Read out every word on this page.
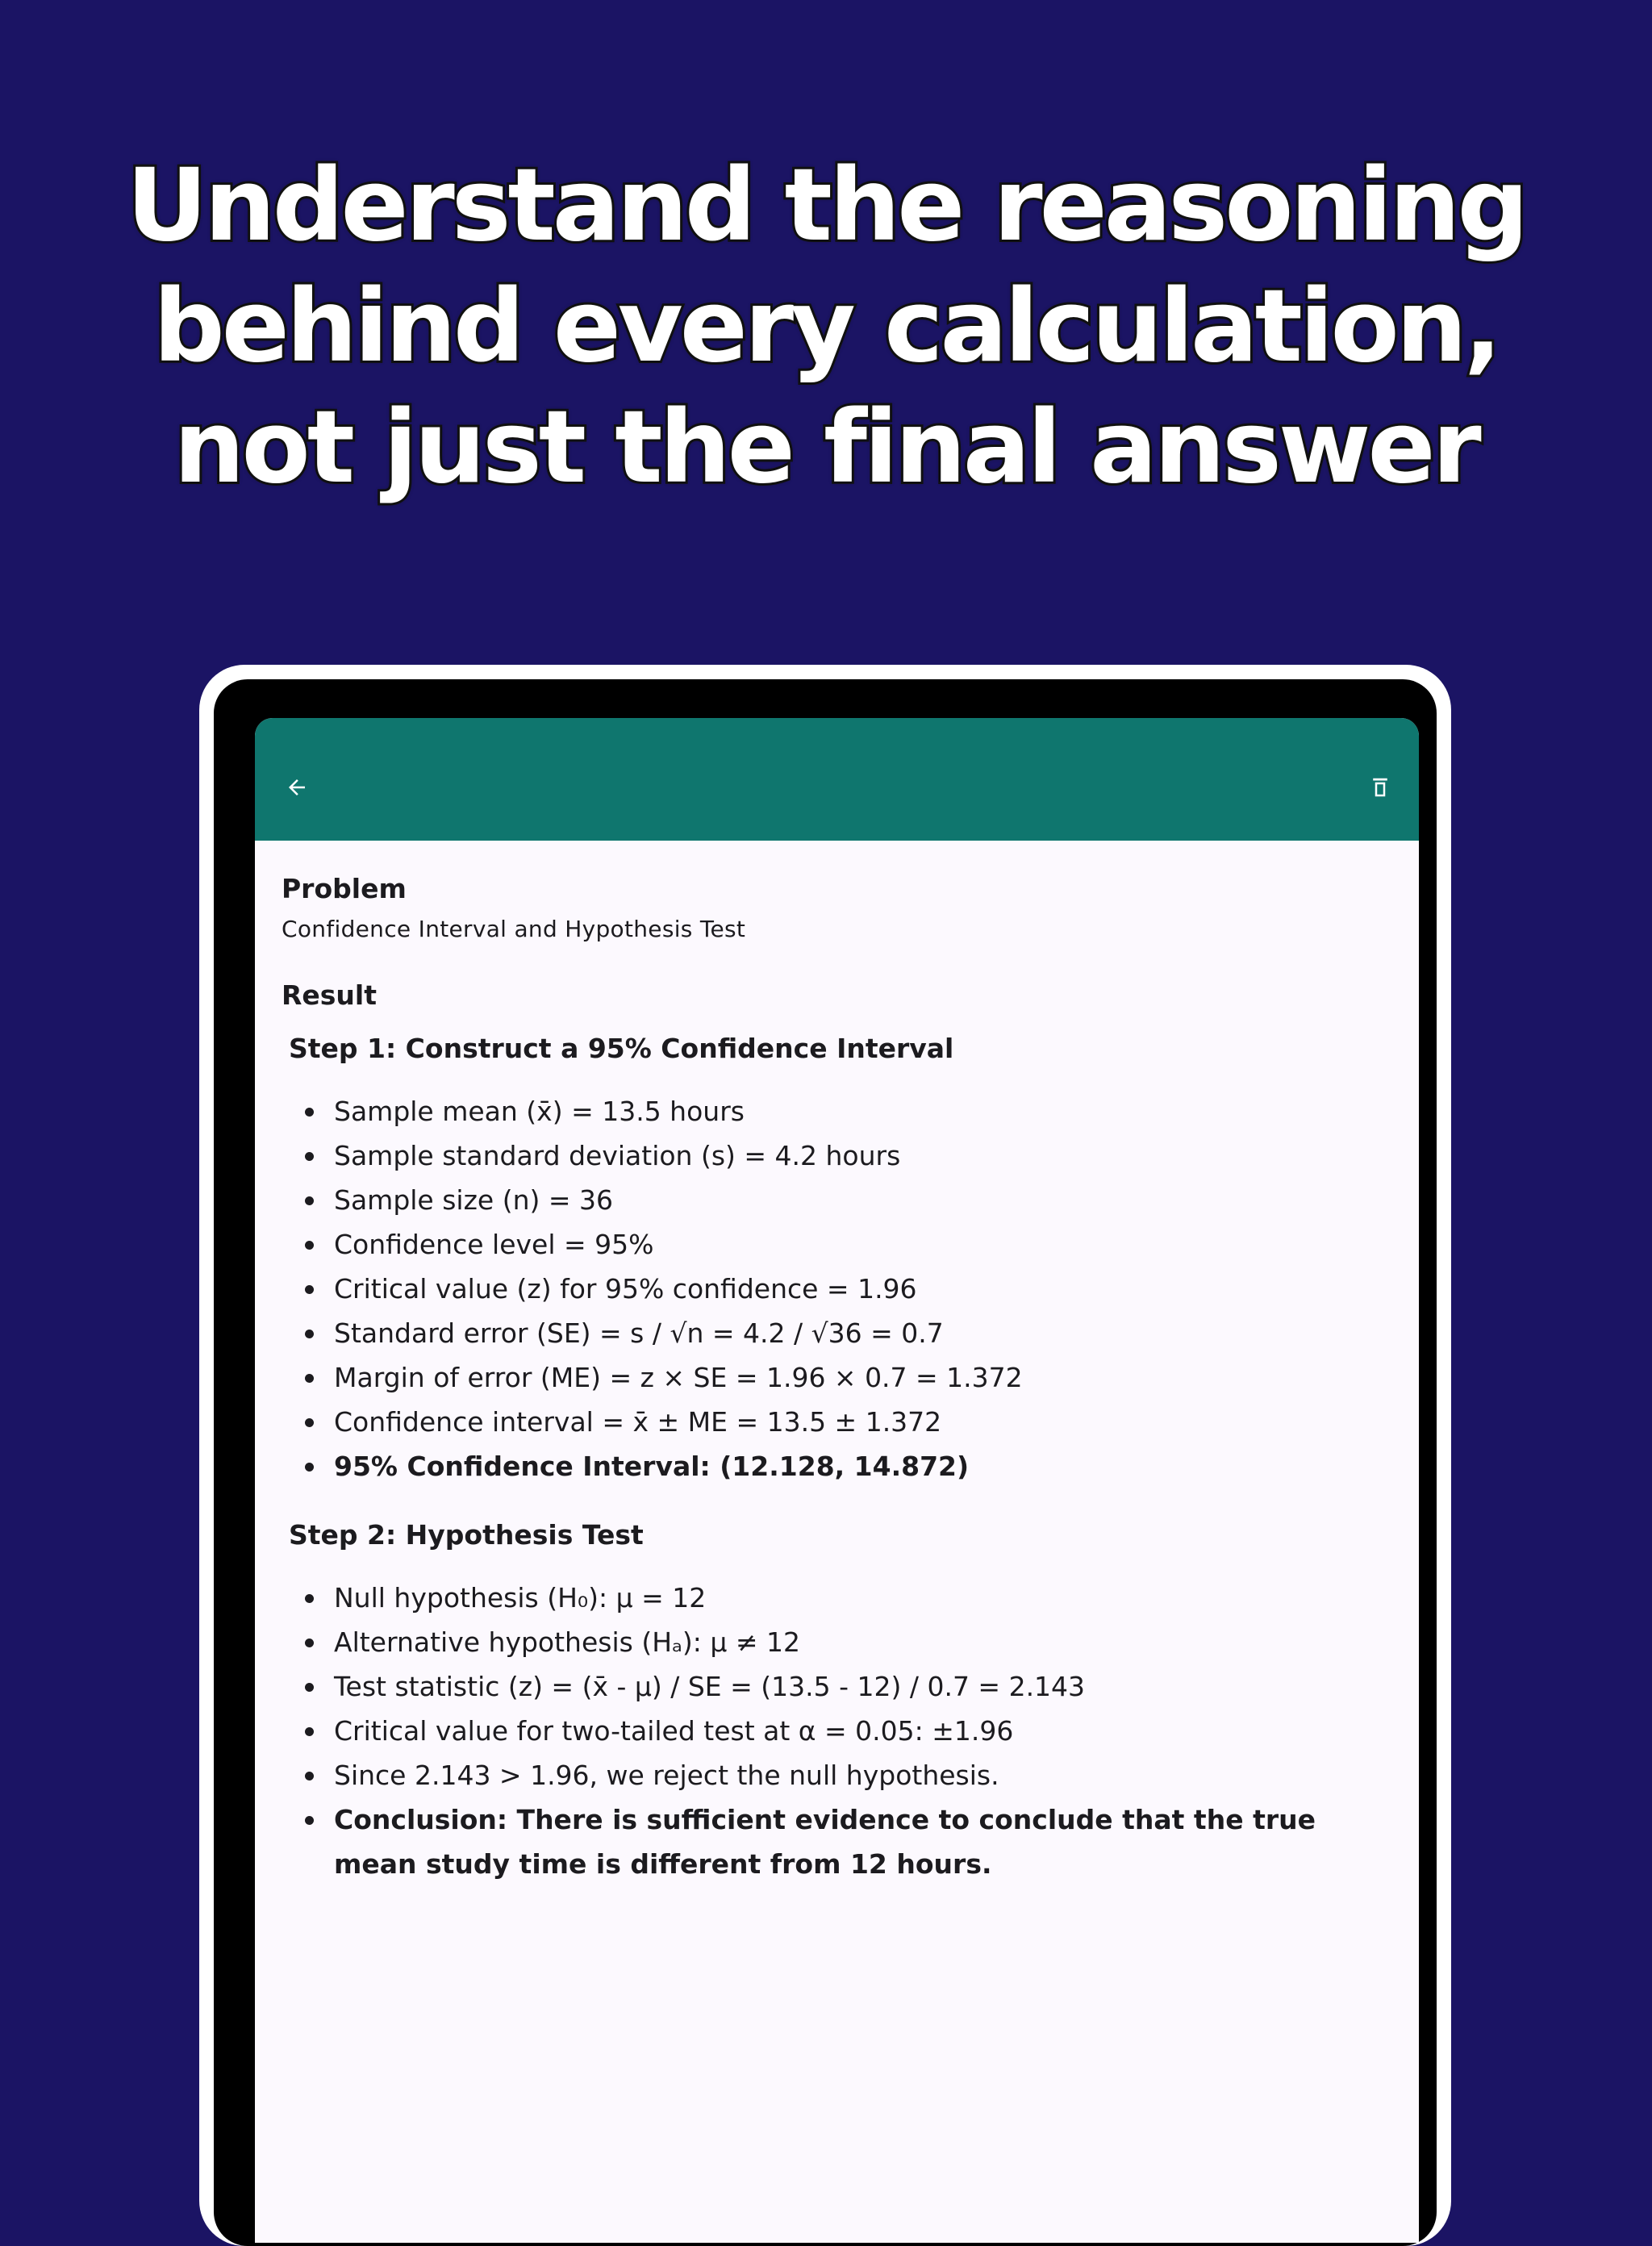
Understand the reasoning
behind every calculation,
not just the final answer
Problem
Confidence Interval and Hypothesis Test
Result
Step 1: Construct a 95% Confidence Interval
Sample mean (x̄) = 13.5 hours
Sample standard deviation (s) = 4.2 hours
Sample size (n) = 36
Confidence level = 95%
Critical value (z) for 95% confidence = 1.96
Standard error (SE) = s / √n = 4.2 / √36 = 0.7
Margin of error (ME) = z × SE = 1.96 × 0.7 = 1.372
Confidence interval = x̄ ± ME = 13.5 ± 1.372
95% Confidence Interval: (12.128, 14.872)
Step 2: Hypothesis Test
Null hypothesis (H₀): μ = 12
Alternative hypothesis (Hₐ): μ ≠ 12
Test statistic (z) = (x̄ - μ) / SE = (13.5 - 12) / 0.7 = 2.143
Critical value for two-tailed test at α = 0.05: ±1.96
Since 2.143 > 1.96, we reject the null hypothesis.
Conclusion: There is sufficient evidence to conclude that the true mean study time is different from 12 hours.
